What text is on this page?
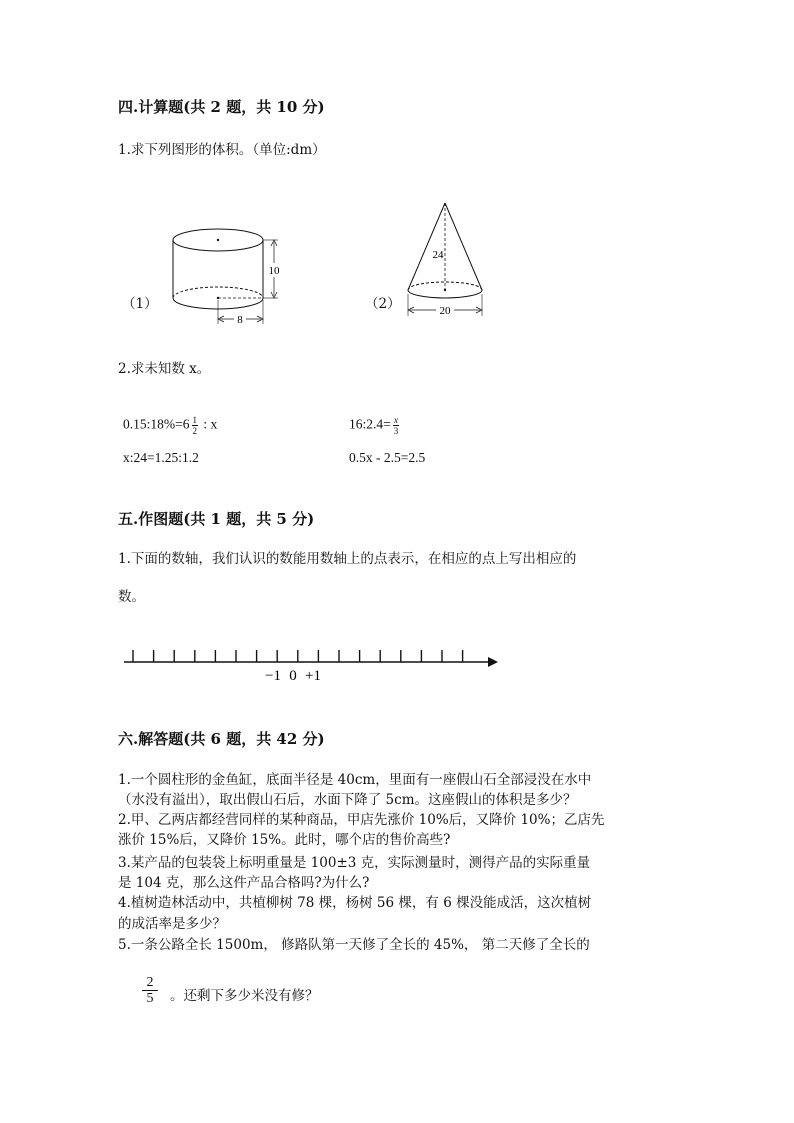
四.计算题(共 2 题，共 10 分)
1.求下列图形的体积。（单位:dm）
（1）
8
10
（2）
24
20
2.求未知数 x。
0.15:18%=6 $\frac{1}{2}$ : x	16:2.4= $\frac{x}{3}$
x:24=1.25:1.2	0.5x - 2.5=2.5
五.作图题(共 1 题，共 5 分)
1.下面的数轴，我们认识的数能用数轴上的点表示，在相应的点上写出相应的
数。
−1 0 +1
六.解答题(共 6 题，共 42 分)
1.一个圆柱形的金鱼缸，底面半径是 40cm，里面有一座假山石全部浸没在水中
（水没有溢出），取出假山石后，水面下降了 5cm。这座假山的体积是多少？
2.甲、乙两店都经营同样的某种商品，甲店先涨价 10%后，又降价 10%；乙店先
涨价 15%后，又降价 15%。此时，哪个店的售价高些?
3.某产品的包装袋上标明重量是 100±3 克，实际测量时，测得产品的实际重量
是 104 克，那么这件产品合格吗?为什么?
4.植树造林活动中，共植柳树 78 棵，杨树 56 棵，有 6 棵没能成活，这次植树
的成活率是多少？
5.一条公路全长 1500m， 修路队第一天修了全长的 45%， 第二天修了全长的
$\frac{2}{5}$ 。还剩下多少米没有修？
